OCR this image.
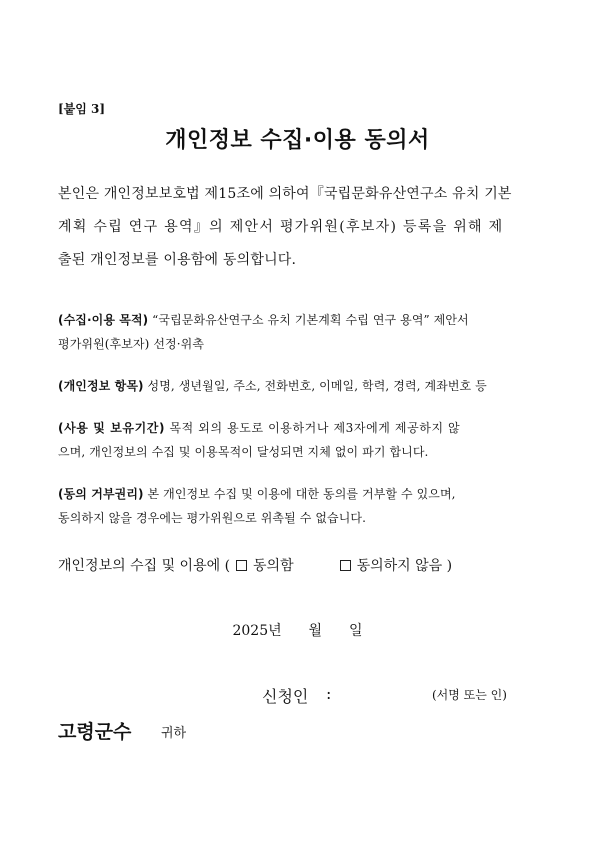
[붙임 3]
개인정보 수집·이용 동의서
본인은 개인정보보호법 제15조에 의하여『국립문화유산연구소 유치 기본
계획 수립 연구 용역』의 제안서 평가위원(후보자) 등록을 위해 제
출된 개인정보를 이용함에 동의합니다.
(수집·이용 목적) “국립문화유산연구소 유치 기본계획 수립 연구 용역” 제안서
평가위원(후보자) 선정·위촉
(개인정보 항목) 성명, 생년월일, 주소, 전화번호, 이메일, 학력, 경력, 계좌번호 등
(사용 및 보유기간) 목적 외의 용도로 이용하거나 제3자에게 제공하지 않
으며, 개인정보의 수집 및 이용목적이 달성되면 지체 없이 파기 합니다.
(동의 거부권리) 본 개인정보 수집 및 이용에 대한 동의를 거부할 수 있으며,
동의하지 않을 경우에는 평가위원으로 위촉될 수 없습니다.
개인정보의 수집 및 이용에 ( 동의함	동의하지 않음 )
2025년 월 일
신청인 :	(서명 또는 인)
고령군수 귀하
